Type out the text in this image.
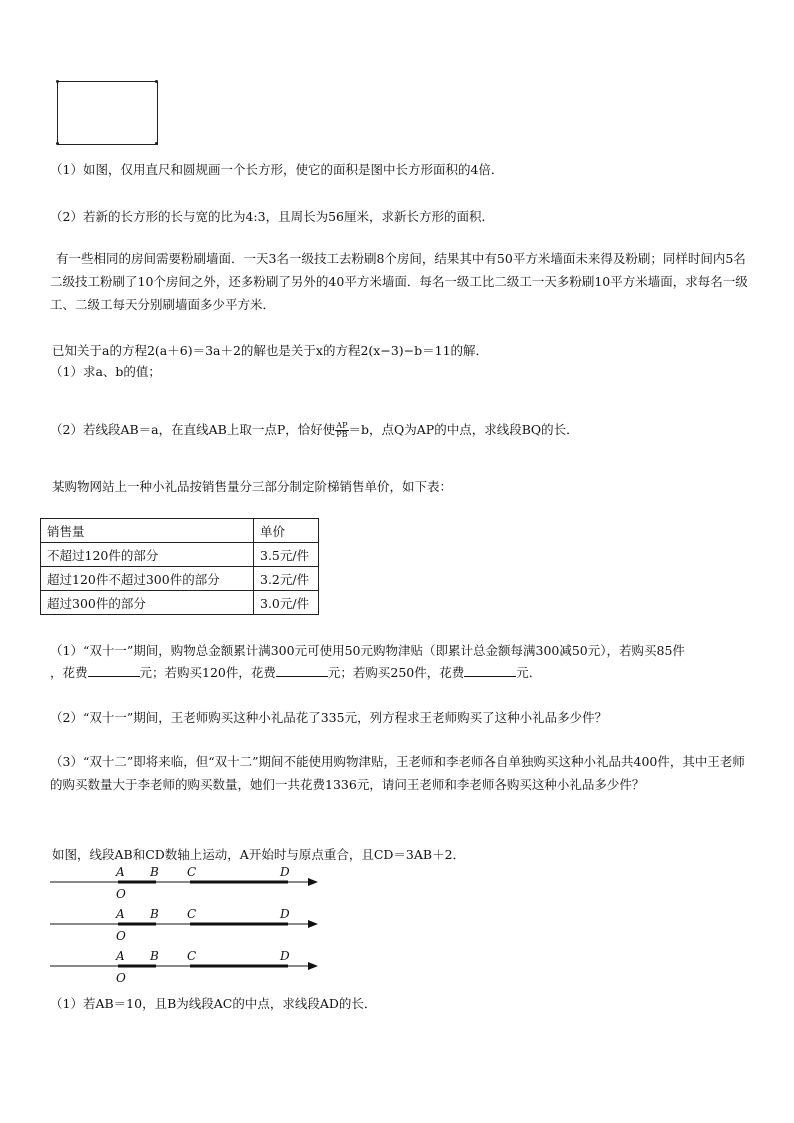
（1）如图，仅用直尺和圆规画一个长方形，使它的面积是图中长方形面积的4倍．
（2）若新的长方形的长与宽的比为4:3，且周长为56厘米，求新长方形的面积．
有一些相同的房间需要粉刷墙面．一天3名一级技工去粉刷8个房间，结果其中有50平方米墙面未来得及粉刷；同样时间内5名二级技工粉刷了10个房间之外，还多粉刷了另外的40平方米墙面．每名一级工比二级工一天多粉刷10平方米墙面，求每名一级工、二级工每天分别刷墙面多少平方米．
已知关于a的方程2(a＋6)＝3a＋2的解也是关于x的方程2(x−3)−b＝11的解．
（1）求a、b的值；
（2）若线段AB＝a，在直线AB上取一点P，恰好使 $\frac{AP}{PB} =b$，点Q为AP的中点，求线段BQ的长．
某购物网站上一种小礼品按销售量分三部分制定阶梯销售单价，如下表：
销售量	单价
不超过120件的部分	3.5元/件
超过120件不超过300件的部分	3.2元/件
超过300件的部分	3.0元/件
（1）“双十一”期间，购物总金额累计满300元可使用50元购物津贴（即累计总金额每满300减50元），若购买85件
，花费	元；若购买120件，花费	元；若购买250件，花费	元．
（2）“双十一”期间，王老师购买这种小礼品花了335元，列方程求王老师购买了这种小礼品多少件？
（3）“双十二”即将来临，但“双十二”期间不能使用购物津贴，王老师和李老师各自单独购买这种小礼品共400件，其中王老师的购买数量大于李老师的购买数量，她们一共花费1336元，请问王老师和李老师各购买这种小礼品多少件？
如图，线段AB和CD数轴上运动，A开始时与原点重合，且CD＝3AB＋2．
A B C	D
O
A B C	D
O
A B C	D
O
（1）若AB＝10，且B为线段AC的中点，求线段AD的长．
